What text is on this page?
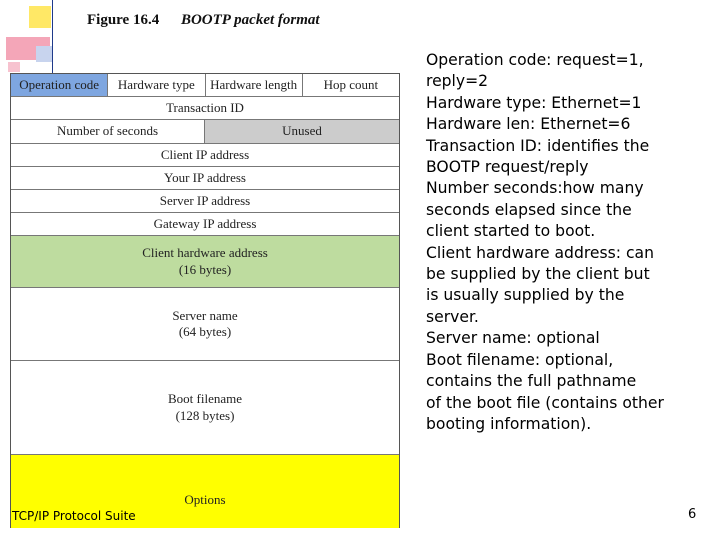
Figure 16.4 BOOTP packet format
Operation code	Hardware type	Hardware length	Hop count
Transaction ID
Number of seconds	Unused
Client IP address
Your IP address
Server IP address
Gateway IP address
Client hardware address
(16 bytes)
Server name
(64 bytes)
Boot filename
(128 bytes)
Options
Operation code: request=1,
reply=2
Hardware type: Ethernet=1
Hardware len: Ethernet=6
Transaction ID: identifies the
BOOTP request/reply
Number seconds:how many
seconds elapsed since the
client started to boot.
Client hardware address: can
be supplied by the client but
is usually supplied by the
server.
Server name: optional
Boot filename: optional,
contains the full pathname
of the boot file (contains other
booting information).
TCP/IP Protocol Suite	6
